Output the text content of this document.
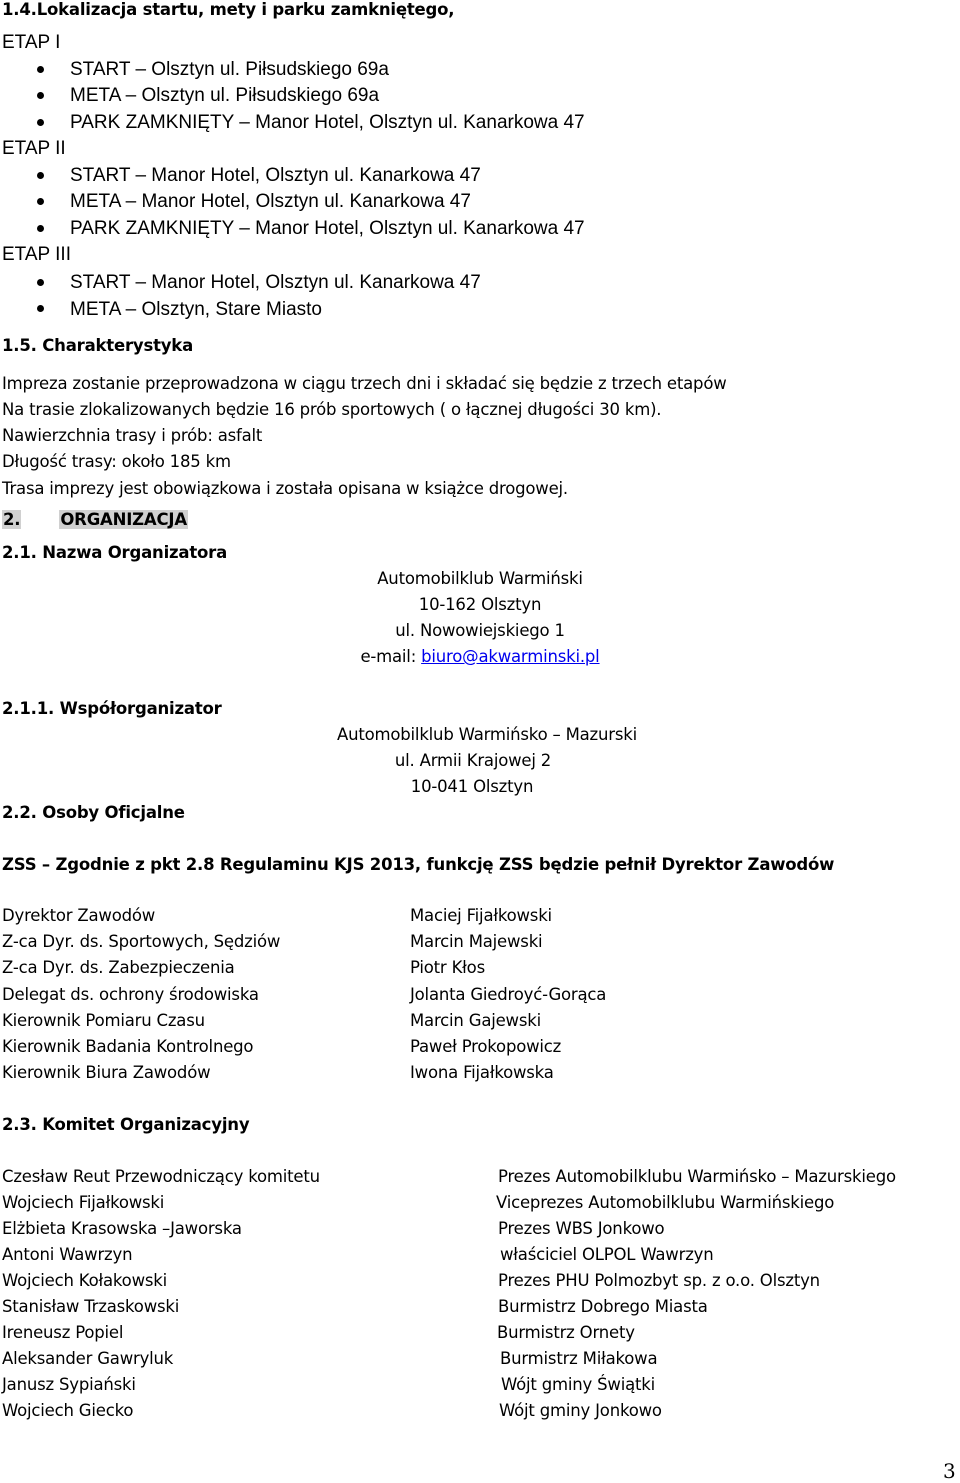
1.4.Lokalizacja startu, mety i parku zamkniętego,
ETAP I
START – Olsztyn ul. Piłsudskiego 69a
META – Olsztyn ul. Piłsudskiego 69a
PARK ZAMKNIĘTY – Manor Hotel, Olsztyn ul. Kanarkowa 47
ETAP II
START – Manor Hotel, Olsztyn ul. Kanarkowa 47
META – Manor Hotel, Olsztyn ul. Kanarkowa 47
PARK ZAMKNIĘTY – Manor Hotel, Olsztyn ul. Kanarkowa 47
ETAP III
START – Manor Hotel, Olsztyn ul. Kanarkowa 47
META – Olsztyn, Stare Miasto
1.5. Charakterystyka
Impreza zostanie przeprowadzona w ciągu trzech dni i składać się będzie z trzech etapów
Na trasie zlokalizowanych będzie 16 prób sportowych ( o łącznej długości 30 km).
Nawierzchnia trasy i prób: asfalt
Długość trasy: około 185 km
Trasa imprezy jest obowiązkowa i została opisana w książce drogowej.
2. ORGANIZACJA
2.1. Nazwa Organizatora
Automobilklub Warmiński
10-162 Olsztyn
ul. Nowowiejskiego 1
e-mail: biuro@akwarminski.pl
2.1.1. Współorganizator
Automobilklub Warmińsko – Mazurski
ul. Armii Krajowej 2
10-041 Olsztyn
2.2. Osoby Oficjalne
ZSS – Zgodnie z pkt 2.8 Regulaminu KJS 2013, funkcję ZSS będzie pełnił Dyrektor Zawodów
Dyrektor Zawodów	Maciej Fijałkowski
Z-ca Dyr. ds. Sportowych, Sędziów	Marcin Majewski
Z-ca Dyr. ds. Zabezpieczenia	Piotr Kłos
Delegat ds. ochrony środowiska	Jolanta Giedroyć-Gorąca
Kierownik Pomiaru Czasu	Marcin Gajewski
Kierownik Badania Kontrolnego	Paweł Prokopowicz
Kierownik Biura Zawodów	Iwona Fijałkowska
2.3. Komitet Organizacyjny
Czesław Reut Przewodniczący komitetu	Prezes Automobilklubu Warmińsko – Mazurskiego
Wojciech Fijałkowski	Viceprezes Automobilklubu Warmińskiego
Elżbieta Krasowska –Jaworska	Prezes WBS Jonkowo
Antoni Wawrzyn	właściciel OLPOL Wawrzyn
Wojciech Kołakowski	Prezes PHU Polmozbyt sp. z o.o. Olsztyn
Stanisław Trzaskowski	Burmistrz Dobrego Miasta
Ireneusz Popiel	Burmistrz Ornety
Aleksander Gawryluk	Burmistrz Miłakowa
Janusz Sypiański	Wójt gminy Świątki
Wojciech Giecko	Wójt gminy Jonkowo
3
